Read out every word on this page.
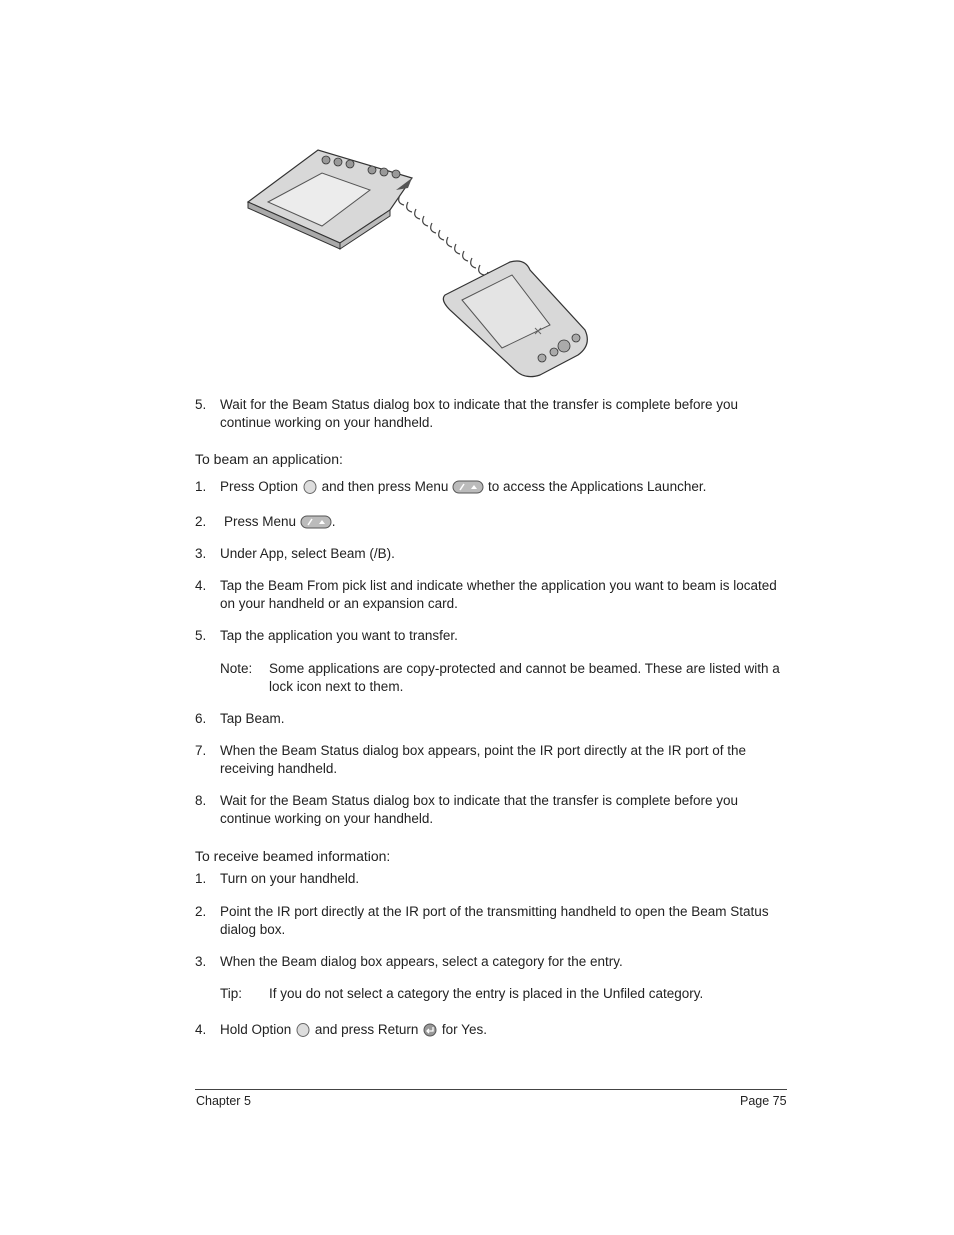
5. Wait for the Beam Status dialog box to indicate that the transfer is complete before you continue working on your handheld.
To beam an application:
1. Press Option and then press Menu	to access the Applications Launcher.
2. Press Menu	.
3. Under App, select Beam (/B).
4. Tap the Beam From pick list and indicate whether the application you want to beam is located on your handheld or an expansion card.
5. Tap the application you want to transfer.
Note: Some applications are copy-protected and cannot be beamed. These are listed with a lock icon next to them.
6. Tap Beam.
7. When the Beam Status dialog box appears, point the IR port directly at the IR port of the receiving handheld.
8. Wait for the Beam Status dialog box to indicate that the transfer is complete before you continue working on your handheld.
To receive beamed information:
1. Turn on your handheld.
2. Point the IR port directly at the IR port of the transmitting handheld to open the Beam Status dialog box.
3. When the Beam dialog box appears, select a category for the entry.
Tip: If you do not select a category the entry is placed in the Unfiled category.
4. Hold Option and press Return for Yes.
Chapter 5	Page 75
